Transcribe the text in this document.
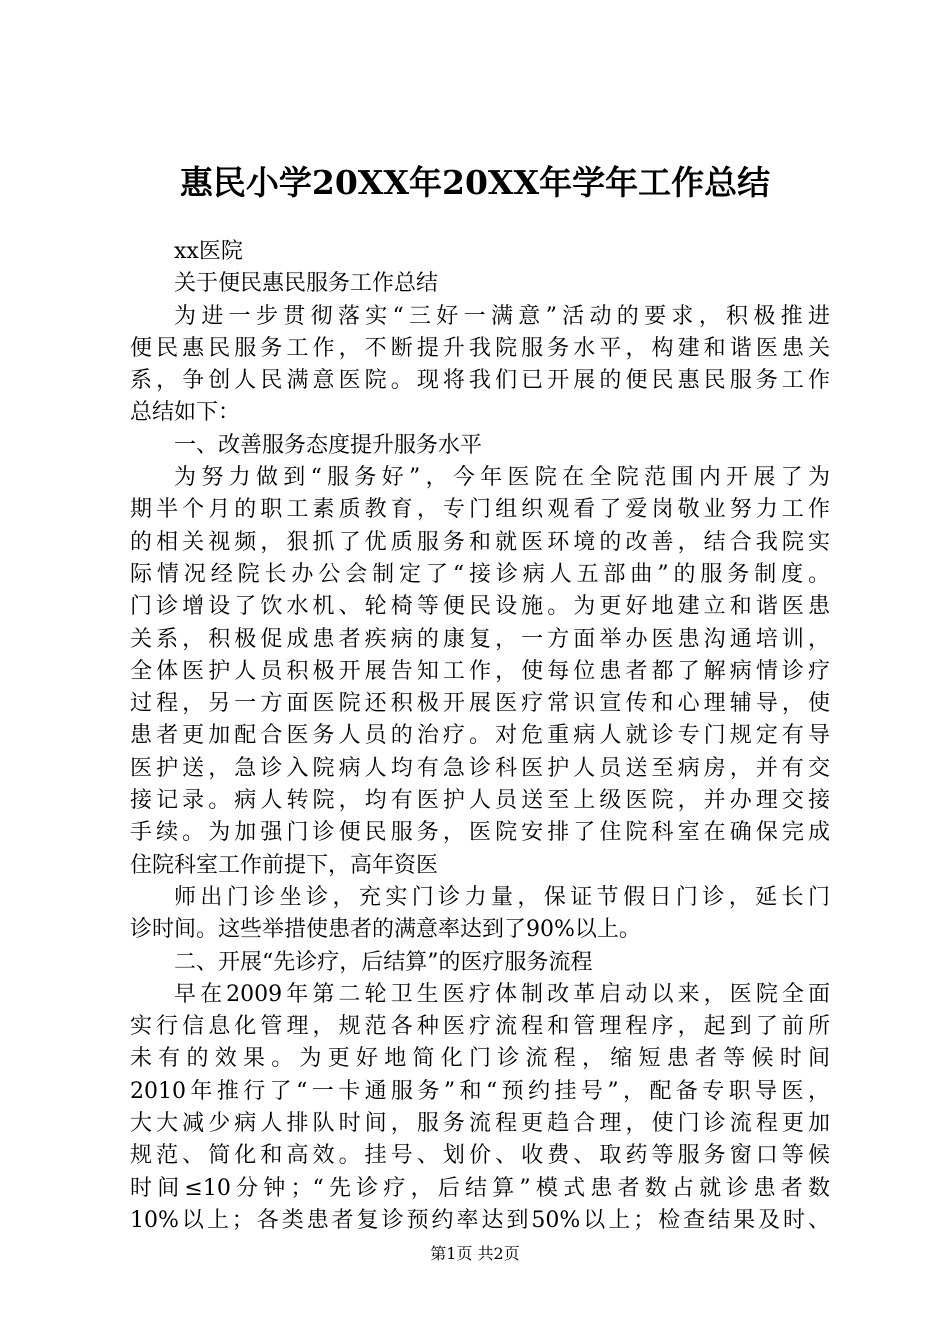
惠民小学20XX年20XX年学年工作总结
xx医院
关于便民惠民服务工作总结
为进一步贯彻落实“三好一满意”活动的要求，积极推进
便民惠民服务工作，不断提升我院服务水平，构建和谐医患关
系，争创人民满意医院。现将我们已开展的便民惠民服务工作
总结如下：
一、改善服务态度提升服务水平
为努力做到“服务好”，今年医院在全院范围内开展了为
期半个月的职工素质教育，专门组织观看了爱岗敬业努力工作
的相关视频，狠抓了优质服务和就医环境的改善，结合我院实
际情况经院长办公会制定了“接诊病人五部曲”的服务制度。
门诊增设了饮水机、轮椅等便民设施。为更好地建立和谐医患
关系，积极促成患者疾病的康复，一方面举办医患沟通培训，
全体医护人员积极开展告知工作，使每位患者都了解病情诊疗
过程，另一方面医院还积极开展医疗常识宣传和心理辅导，使
患者更加配合医务人员的治疗。对危重病人就诊专门规定有导
医护送，急诊入院病人均有急诊科医护人员送至病房，并有交
接记录。病人转院，均有医护人员送至上级医院，并办理交接
手续。为加强门诊便民服务，医院安排了住院科室在确保完成
住院科室工作前提下，高年资医
师出门诊坐诊，充实门诊力量，保证节假日门诊，延长门
诊时间。这些举措使患者的满意率达到了90%以上。
二、开展“先诊疗，后结算”的医疗服务流程
早在2009年第二轮卫生医疗体制改革启动以来，医院全面
实行信息化管理，规范各种医疗流程和管理程序，起到了前所
未有的效果。为更好地简化门诊流程，缩短患者等候时间
2010年推行了“一卡通服务”和“预约挂号”，配备专职导医，
大大减少病人排队时间，服务流程更趋合理，使门诊流程更加
规范、简化和高效。挂号、划价、收费、取药等服务窗口等候
时间≤10分钟；“先诊疗，后结算”模式患者数占就诊患者数
10%以上；各类患者复诊预约率达到50%以上；检查结果及时、
第1页 共2页
